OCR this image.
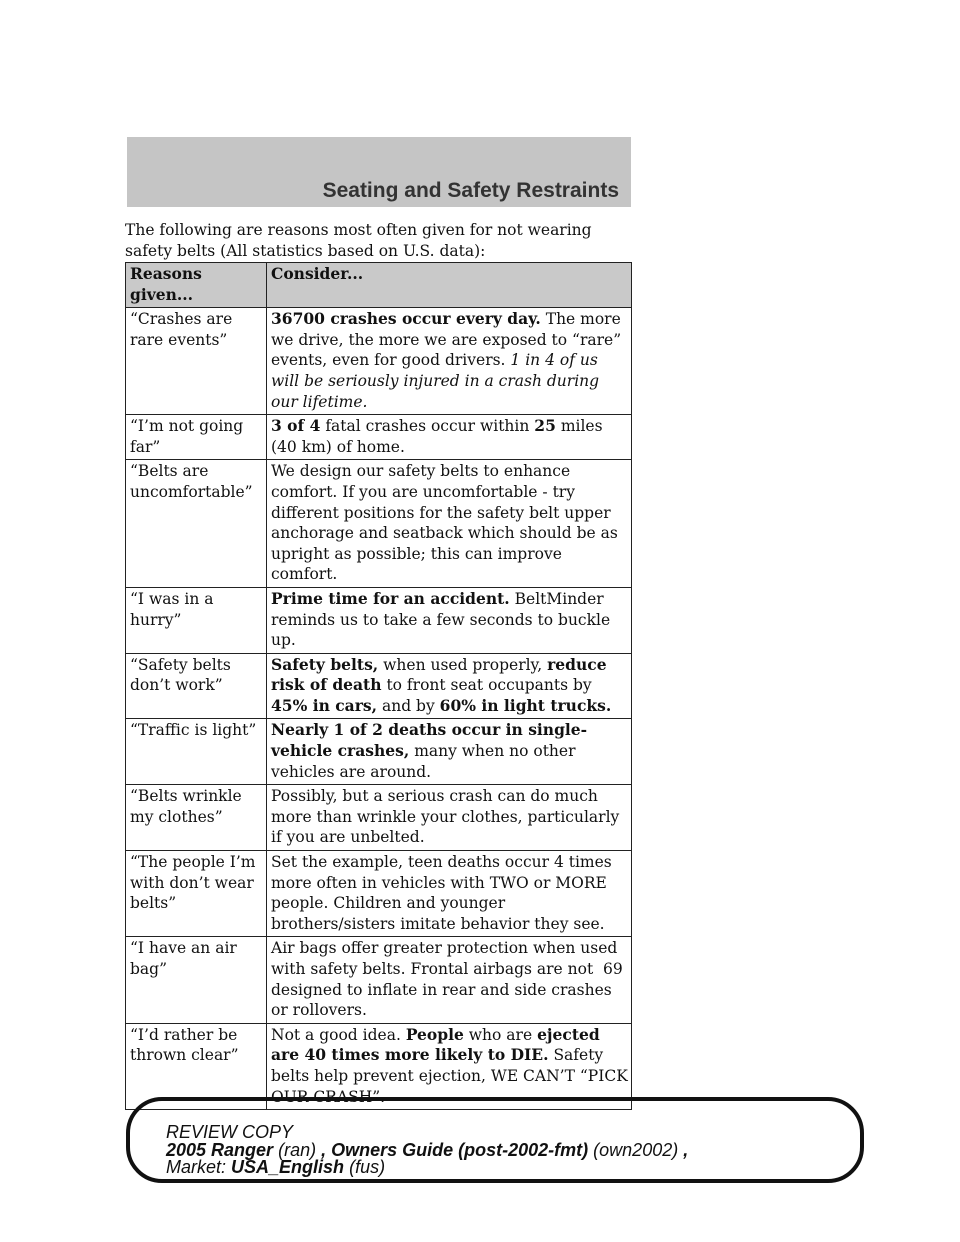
Seating and Safety Restraints

The following are reasons most often given for not wearing safety belts (All statistics based on U.S. data):

Reasons given...	Consider...
“Crashes are rare events”	36700 crashes occur every day. The more we drive, the more we are exposed to “rare” events, even for good drivers. 1 in 4 of us will be seriously injured in a crash during our lifetime.
“I’m not going far”	3 of 4 fatal crashes occur within 25 miles (40 km) of home.
“Belts are uncomfortable”	We design our safety belts to enhance comfort. If you are uncomfortable - try different positions for the safety belt upper anchorage and seatback which should be as upright as possible; this can improve comfort.
“I was in a hurry”	Prime time for an accident. BeltMinder reminds us to take a few seconds to buckle up.
“Safety belts don’t work”	Safety belts, when used properly, reduce risk of death to front seat occupants by 45% in cars, and by 60% in light trucks.
“Traffic is light”	Nearly 1 of 2 deaths occur in single-vehicle crashes, many when no other vehicles are around.
“Belts wrinkle my clothes”	Possibly, but a serious crash can do much more than wrinkle your clothes, particularly if you are unbelted.
“The people I’m with don’t wear belts”	Set the example, teen deaths occur 4 times more often in vehicles with TWO or MORE people. Children and younger brothers/sisters imitate behavior they see.
“I have an air bag”	Air bags offer greater protection when used with safety belts. Frontal airbags are not designed to inflate in rear and side crashes or rollovers.
“I’d rather be thrown clear”	Not a good idea. People who are ejected are 40 times more likely to DIE. Safety belts help prevent ejection, WE CAN’T “PICK OUR CRASH”.
69
REVIEW COPY
2005 Ranger (ran) , Owners Guide (post-2002-fmt) (own2002) ,
Market: USA_English (fus)
